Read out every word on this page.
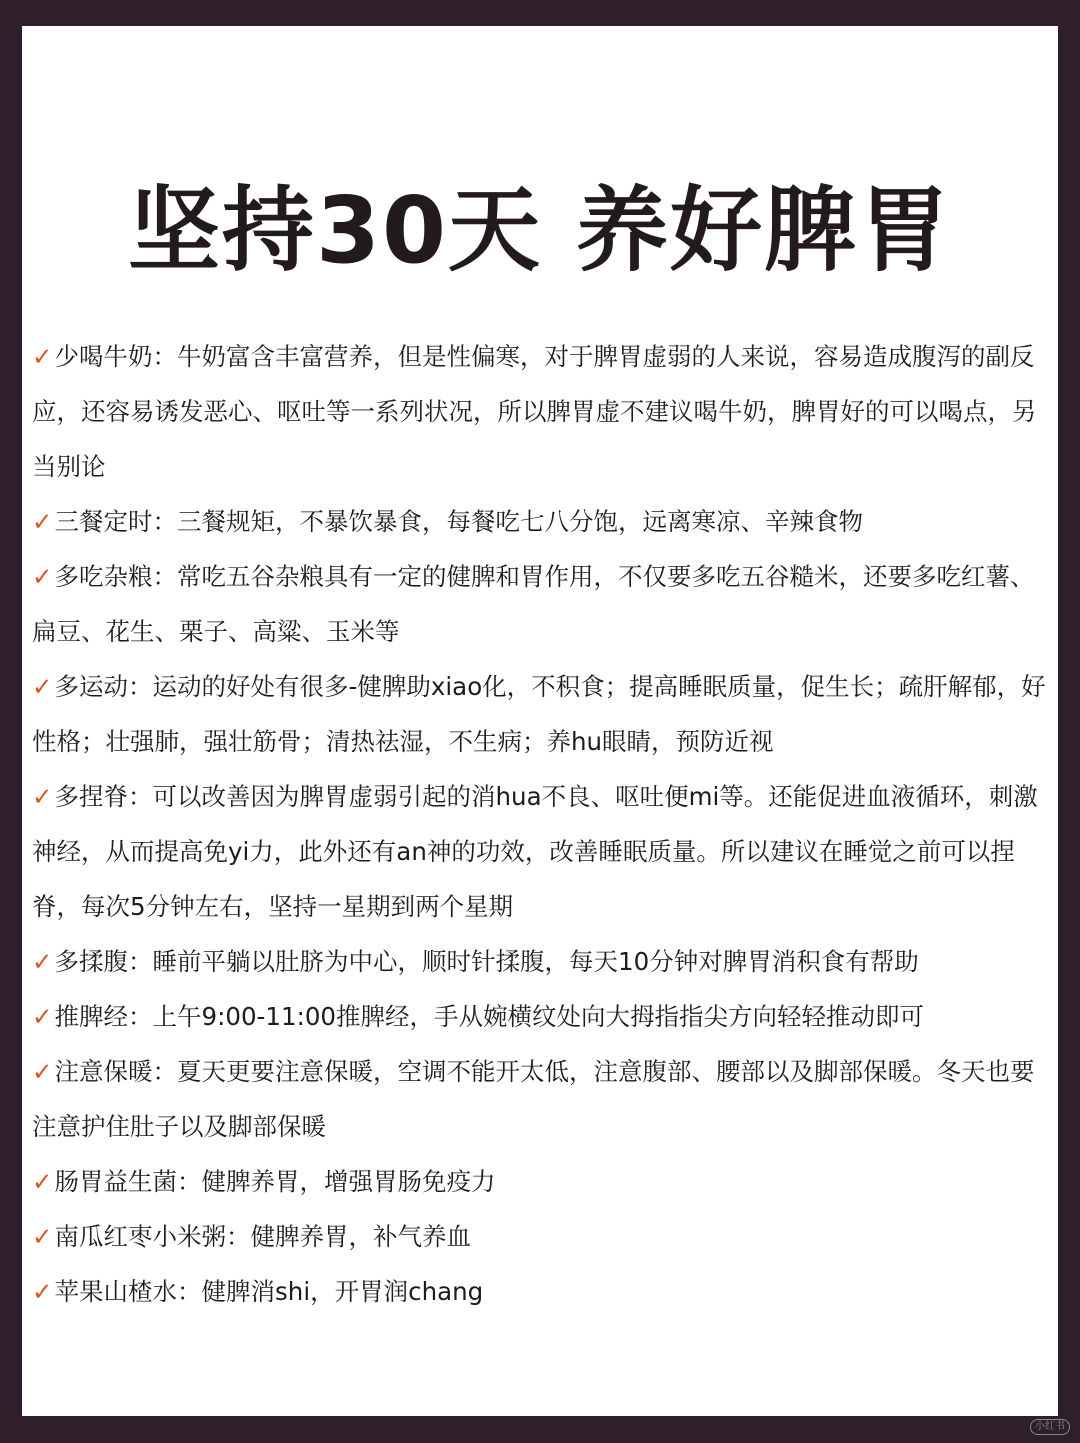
坚持30天 养好脾胃
✓少喝牛奶：牛奶富含丰富营养，但是性偏寒，对于脾胃虚弱的人来说，容易造成腹泻的副反应，还容易诱发恶心、呕吐等一系列状况，所以脾胃虚不建议喝牛奶，脾胃好的可以喝点，另当别论
✓三餐定时：三餐规矩，不暴饮暴食，每餐吃七八分饱，远离寒凉、辛辣食物
✓多吃杂粮：常吃五谷杂粮具有一定的健脾和胃作用，不仅要多吃五谷糙米，还要多吃红薯、扁豆、花生、栗子、高粱、玉米等
✓多运动：运动的好处有很多-健脾助xiao化，不积食；提高睡眠质量，促生长；疏肝解郁，好性格；壮强肺，强壮筋骨；清热祛湿，不生病；养hu眼睛，预防近视
✓多捏脊：可以改善因为脾胃虚弱引起的消hua不良、呕吐便mi等。还能促进血液循环，刺激神经，从而提高免yi力，此外还有an神的功效，改善睡眠质量。所以建议在睡觉之前可以捏脊，每次5分钟左右，坚持一星期到两个星期
✓多揉腹：睡前平躺以肚脐为中心，顺时针揉腹，每天10分钟对脾胃消积食有帮助
✓推脾经：上午9:00-11:00推脾经，手从婉横纹处向大拇指指尖方向轻轻推动即可
✓注意保暖：夏天更要注意保暖，空调不能开太低，注意腹部、腰部以及脚部保暖。冬天也要注意护住肚子以及脚部保暖
✓肠胃益生菌：健脾养胃，增强胃肠免疫力
✓南瓜红枣小米粥：健脾养胃，补气养血
✓苹果山楂水：健脾消shi，开胃润chang
小红书
